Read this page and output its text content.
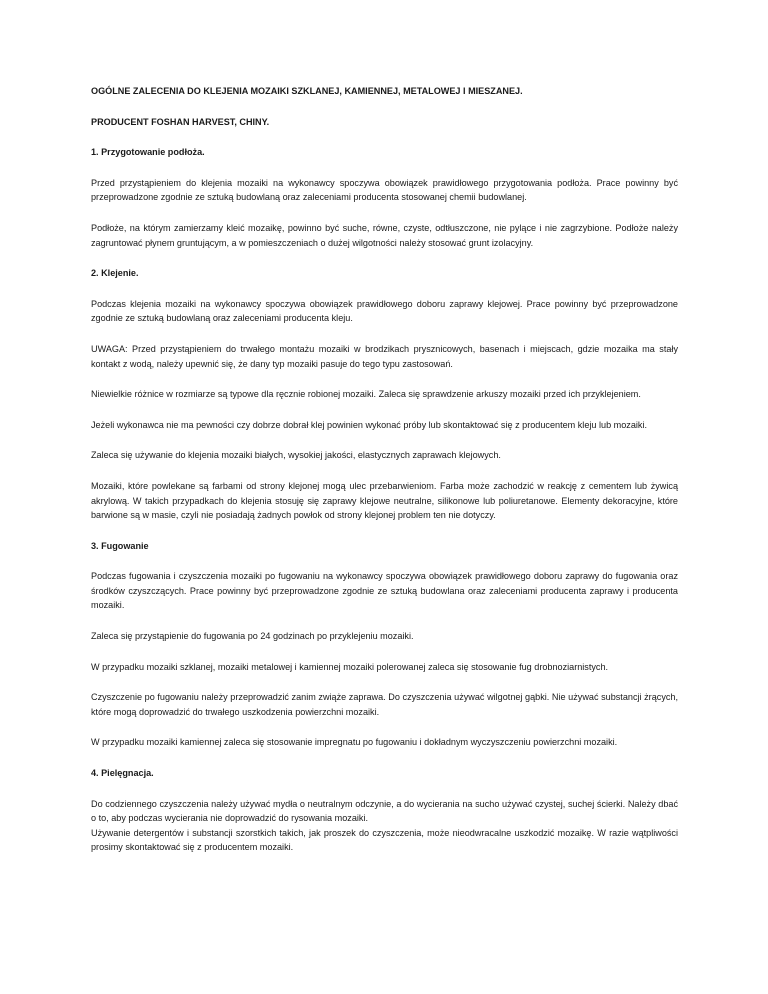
OGÓLNE ZALECENIA DO KLEJENIA MOZAIKI SZKLANEJ, KAMIENNEJ, METALOWEJ I MIESZANEJ.

PRODUCENT FOSHAN HARVEST, CHINY.

1. Przygotowanie podłoża.

Przed przystąpieniem do klejenia mozaiki na wykonawcy spoczywa obowiązek prawidłowego przygotowania podłoża. Prace powinny być przeprowadzone zgodnie ze sztuką budowlaną oraz zaleceniami producenta stosowanej chemii budowlanej.

Podłoże, na którym zamierzamy kleić mozaikę, powinno być suche, równe, czyste, odtłuszczone, nie pylące i nie zagrzybione. Podłoże należy zagruntować płynem gruntującym, a w pomieszczeniach o dużej wilgotności należy stosować grunt izolacyjny.

2. Klejenie.

Podczas klejenia mozaiki na wykonawcy spoczywa obowiązek prawidłowego doboru zaprawy klejowej. Prace powinny być przeprowadzone zgodnie ze sztuką budowlaną oraz zaleceniami producenta kleju.

UWAGA: Przed przystąpieniem do trwałego montażu mozaiki w brodzikach prysznicowych, basenach i miejscach, gdzie mozaika ma stały kontakt z wodą, należy upewnić się, że dany typ mozaiki pasuje do tego typu zastosowań.

Niewielkie różnice w rozmiarze są typowe dla ręcznie robionej mozaiki. Zaleca się sprawdzenie arkuszy mozaiki przed ich przyklejeniem.

Jeżeli wykonawca nie ma pewności czy dobrze dobrał klej powinien wykonać próby lub skontaktować się z producentem kleju lub mozaiki.

Zaleca się używanie do klejenia mozaiki białych, wysokiej jakości, elastycznych zaprawach klejowych.

Mozaiki, które powlekane są farbami od strony klejonej mogą ulec przebarwieniom. Farba może zachodzić w reakcję z cementem lub żywicą akrylową. W takich przypadkach do klejenia stosuję się zaprawy klejowe neutralne, silikonowe lub poliuretanowe. Elementy dekoracyjne, które barwione są w masie, czyli nie posiadają żadnych powłok od strony klejonej problem ten nie dotyczy.

3. Fugowanie

Podczas fugowania i czyszczenia mozaiki po fugowaniu na wykonawcy spoczywa obowiązek prawidłowego doboru zaprawy do fugowania oraz środków czyszczących. Prace powinny być przeprowadzone zgodnie ze sztuką budowlana oraz zaleceniami producenta zaprawy i producenta mozaiki.

Zaleca się przystąpienie do fugowania po 24 godzinach po przyklejeniu mozaiki.

W przypadku mozaiki szklanej, mozaiki metalowej i kamiennej mozaiki polerowanej zaleca się stosowanie fug drobnoziarnistych.

Czyszczenie po fugowaniu należy przeprowadzić zanim zwiąże zaprawa. Do czyszczenia używać wilgotnej gąbki. Nie używać substancji żrących, które mogą doprowadzić do trwałego uszkodzenia powierzchni mozaiki.

W przypadku mozaiki kamiennej zaleca się stosowanie impregnatu po fugowaniu i dokładnym wyczyszczeniu powierzchni mozaiki.

4. Pielęgnacja.

Do codziennego czyszczenia należy używać mydła o neutralnym odczynie, a do wycierania na sucho używać czystej, suchej ścierki. Należy dbać o to, aby podczas wycierania nie doprowadzić do rysowania mozaiki.

Używanie detergentów i substancji szorstkich takich, jak proszek do czyszczenia, może nieodwracalne uszkodzić mozaikę. W razie wątpliwości prosimy skontaktować się z producentem mozaiki.
